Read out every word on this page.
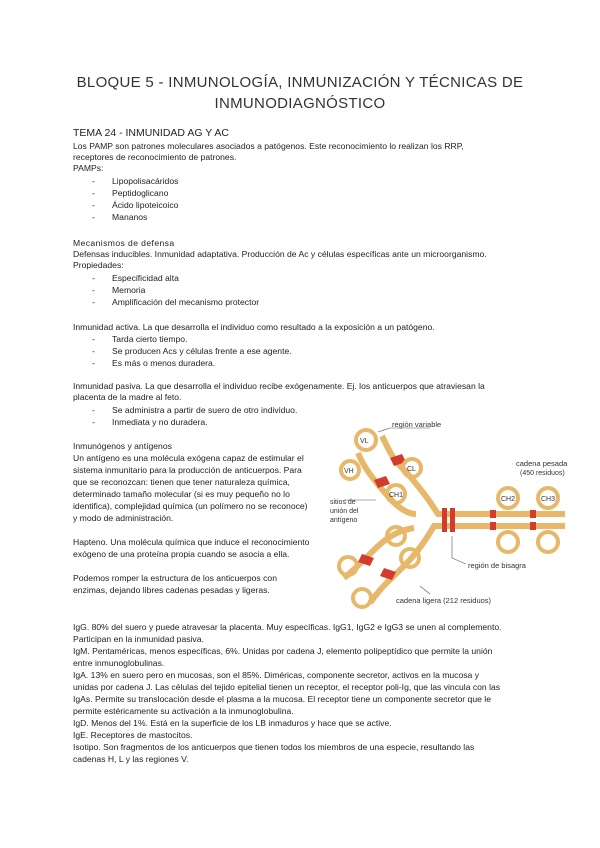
BLOQUE 5 - INMUNOLOGÍA, INMUNIZACIÓN Y TÉCNICAS DE INMUNODIAGNÓSTICO
TEMA 24 - INMUNIDAD AG Y AC
Los PAMP son patrones moleculares asociados a patógenos. Este reconocimiento lo realizan los RRP,
receptores de reconocimiento de patrones.
PAMPs:
- Lipopolisacáridos
- Peptidoglicano
- Ácido lipoteicoico
- Mananos
Mecanismos de defensa
Defensas inducibles. Inmunidad adaptativa. Producción de Ac y células específicas ante un microorganismo.
Propiedades:
- Especificidad alta
- Memoria
- Amplificación del mecanismo protector
Inmunidad activa. La que desarrolla el individuo como resultado a la exposición a un patógeno.
- Tarda cierto tiempo.
- Se producen Acs y células frente a ese agente.
- Es más o menos duradera.
Inmunidad pasiva. La que desarrolla el individuo recibe exógenamente. Ej. los anticuerpos que atraviesan la
placenta de la madre al feto.
- Se administra a partir de suero de otro individuo.
- Inmediata y no duradera.
Inmunógenos y antígenos
Un antígeno es una molécula exógena capaz de estimular el
sistema inmunitario para la producción de anticuerpos. Para
que se reconozcan: tienen que tener naturaleza química,
determinado tamaño molecular (si es muy pequeño no lo
identifica), complejidad química (un polímero no se reconoce)
y modo de administración.
Hapteno. Una molécula química que induce el reconocimiento
exógeno de una proteína propia cuando se asocia a ella.
Podemos romper la estructura de los anticuerpos con
enzimas, dejando libres cadenas pesadas y ligeras.
VL
VH	CL
CH1
CH2	CH3
región variable
cadena pesada
(450 residuos)
sitios de
unión del
antígeno
región de bisagra
cadena ligera (212 residuos)
IgG. 80% del suero y puede atravesar la placenta. Muy específicas. IgG1, IgG2 e IgG3 se unen al complemento.
Participan en la inmunidad pasiva.
IgM. Pentaméricas, menos específicas, 6%. Unidas por cadena J, elemento polipeptídico que permite la unión
entre inmunoglobulinas.
IgA. 13% en suero pero en mucosas, son el 85%. Diméricas, componente secretor, activos en la mucosa y
unidas por cadena J. Las células del tejido epitelial tienen un receptor, el receptor poli-Ig, que las vincula con las
IgAs. Permite su translocación desde el plasma a la mucosa. El receptor tiene un componente secretor que le
permite estéricamente su activación a la inmunoglobulina.
IgD. Menos del 1%. Está en la superficie de los LB inmaduros y hace que se active.
IgE. Receptores de mastocitos.
Isotipo. Son fragmentos de los anticuerpos que tienen todos los miembros de una especie, resultando las
cadenas H, L y las regiones V.
